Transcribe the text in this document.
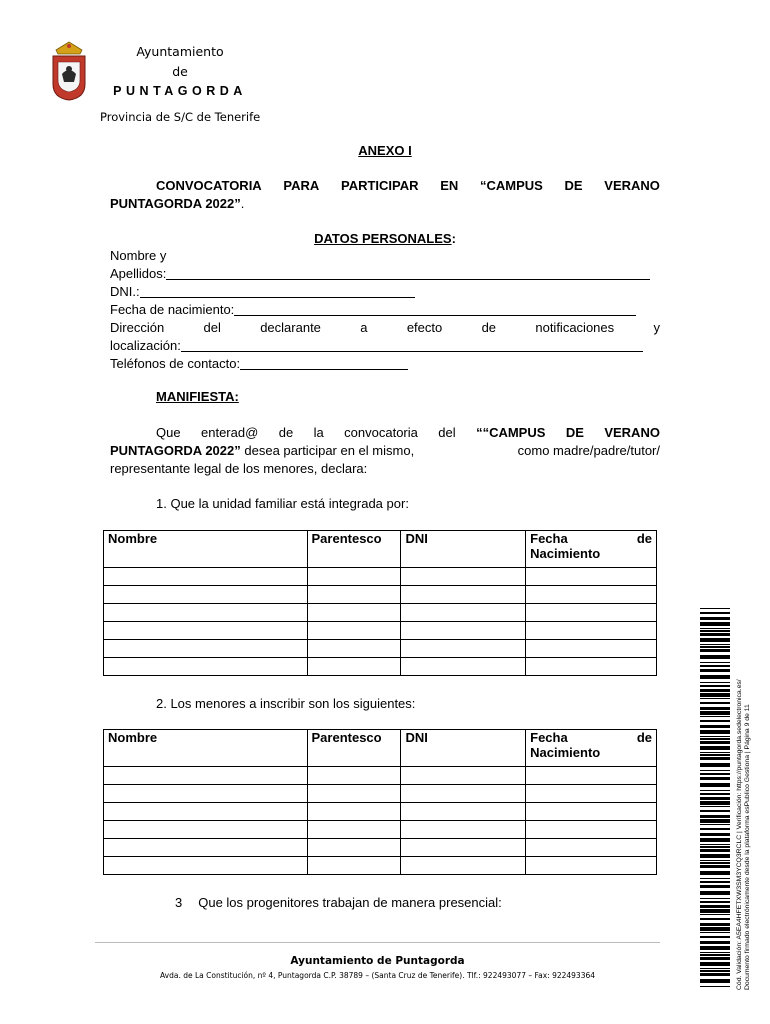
Ayuntamiento
de
PUNTAGORDA
Provincia de S/C de Tenerife
ANEXO I
CONVOCATORIA PARA PARTICIPAR EN “CAMPUS DE VERANO
PUNTAGORDA 2022”.
DATOS PERSONALES:
Nombre y
Apellidos:
DNI.:
Fecha de nacimiento:
Dirección	del	declarante	a	efecto	de	notificaciones	y
localización:
Teléfonos de contacto:
MANIFIESTA:
Que enterad@ de la convocatoria del ““CAMPUS DE VERANO
PUNTAGORDA 2022” desea participar en el mismo,	como madre/padre/tutor/
representante legal de los menores, declara:
1. Que la unidad familiar está integrada por:
Nombre	Parentesco	DNI	Fecha de
Nacimiento

2. Los menores a inscribir son los siguientes:
Nombre	Parentesco	DNI	Fecha de
Nacimiento

3 Que los progenitores trabajan de manera presencial:
Ayuntamiento de Puntagorda
Avda. de La Constitución, nº 4, Puntagorda C.P. 38789 – (Santa Cruz de Tenerife). Tlf.: 922493077 – Fax: 922493364	Cód. Validación: A5EA4HFETXW3SM3YCQ3RCLC | Verificación: https://puntagorda.sedelectronica.es/ Documento firmado electrónicamente desde la plataforma esPublico Gestiona | Página 9 de 11
